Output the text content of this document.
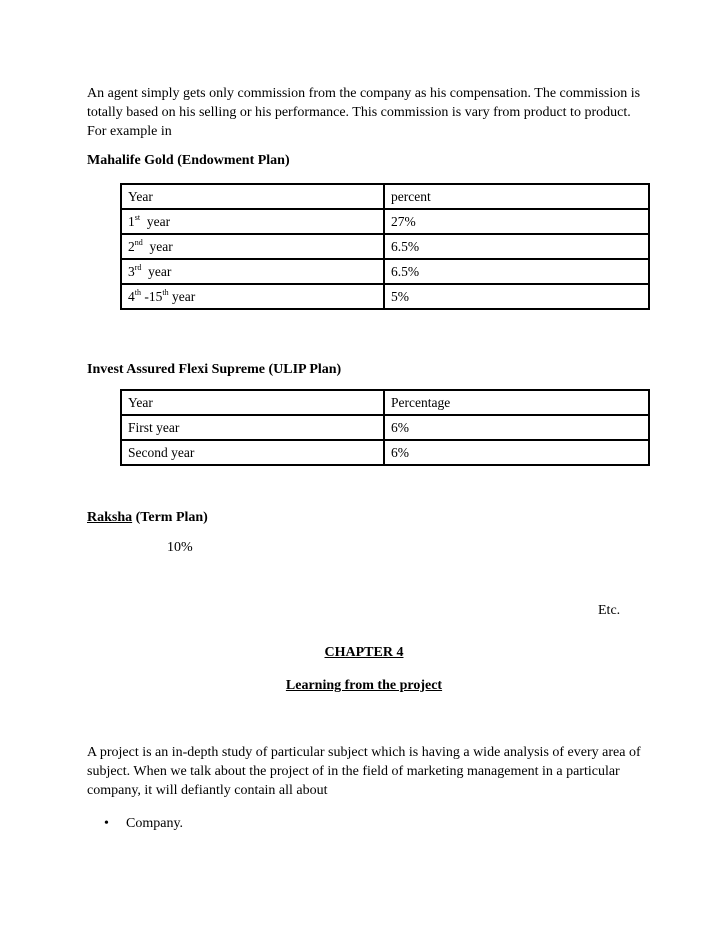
An agent simply gets only commission from the company as his compensation. The commission is totally based on his selling or his performance. This commission is vary from product to product. For example in

Mahalife Gold (Endowment Plan)
Year	percent
1st  year	27%
2nd  year	6.5%
3rd  year	6.5%
4th -15th year	5%
Invest Assured Flexi Supreme (ULIP Plan)
Year	Percentage
First year	6%
Second year	6%
Raksha (Term Plan)
10%
Etc.
CHAPTER 4
Learning from the project

A project is an in-depth study of particular subject which is having a wide analysis of every area of subject. When we talk about the project of in the field of marketing management in a particular company, it will defiantly contain all about

• Company.
